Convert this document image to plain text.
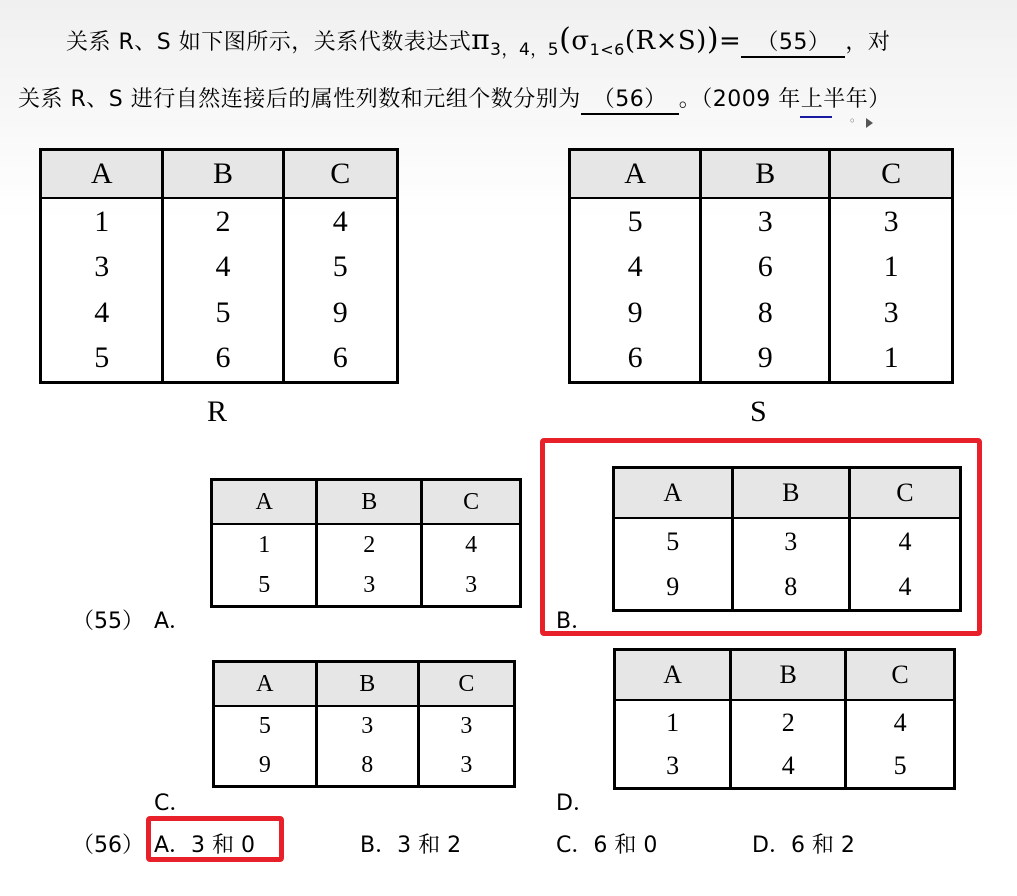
关系 R、S 如下图所示，关系代数表达式$\pi_{3,4,5}(\sigma_{1<6}(R\times S))= (55)$ ，对
关系 R、S 进行自然连接后的属性列数和元组个数分别为 （56） 。（2009 年上半年）
。
A	B	C
1	2	4
3	4	5
4	5	9
5	6	6
R
A	B	C
5	3	3
4	6	1
9	8	3
6	9	1
S
A	B	C
1	2	4
5	3	3
（55） A．
A	B	C
5	3	4
9	8	4
B．
A	B	C
5	3	3
9	8	3
C．
A	B	C
1	2	4
3	4	5
D．
（56） A．3 和 0	B．3 和 2	C．6 和 0	D．6 和 2
